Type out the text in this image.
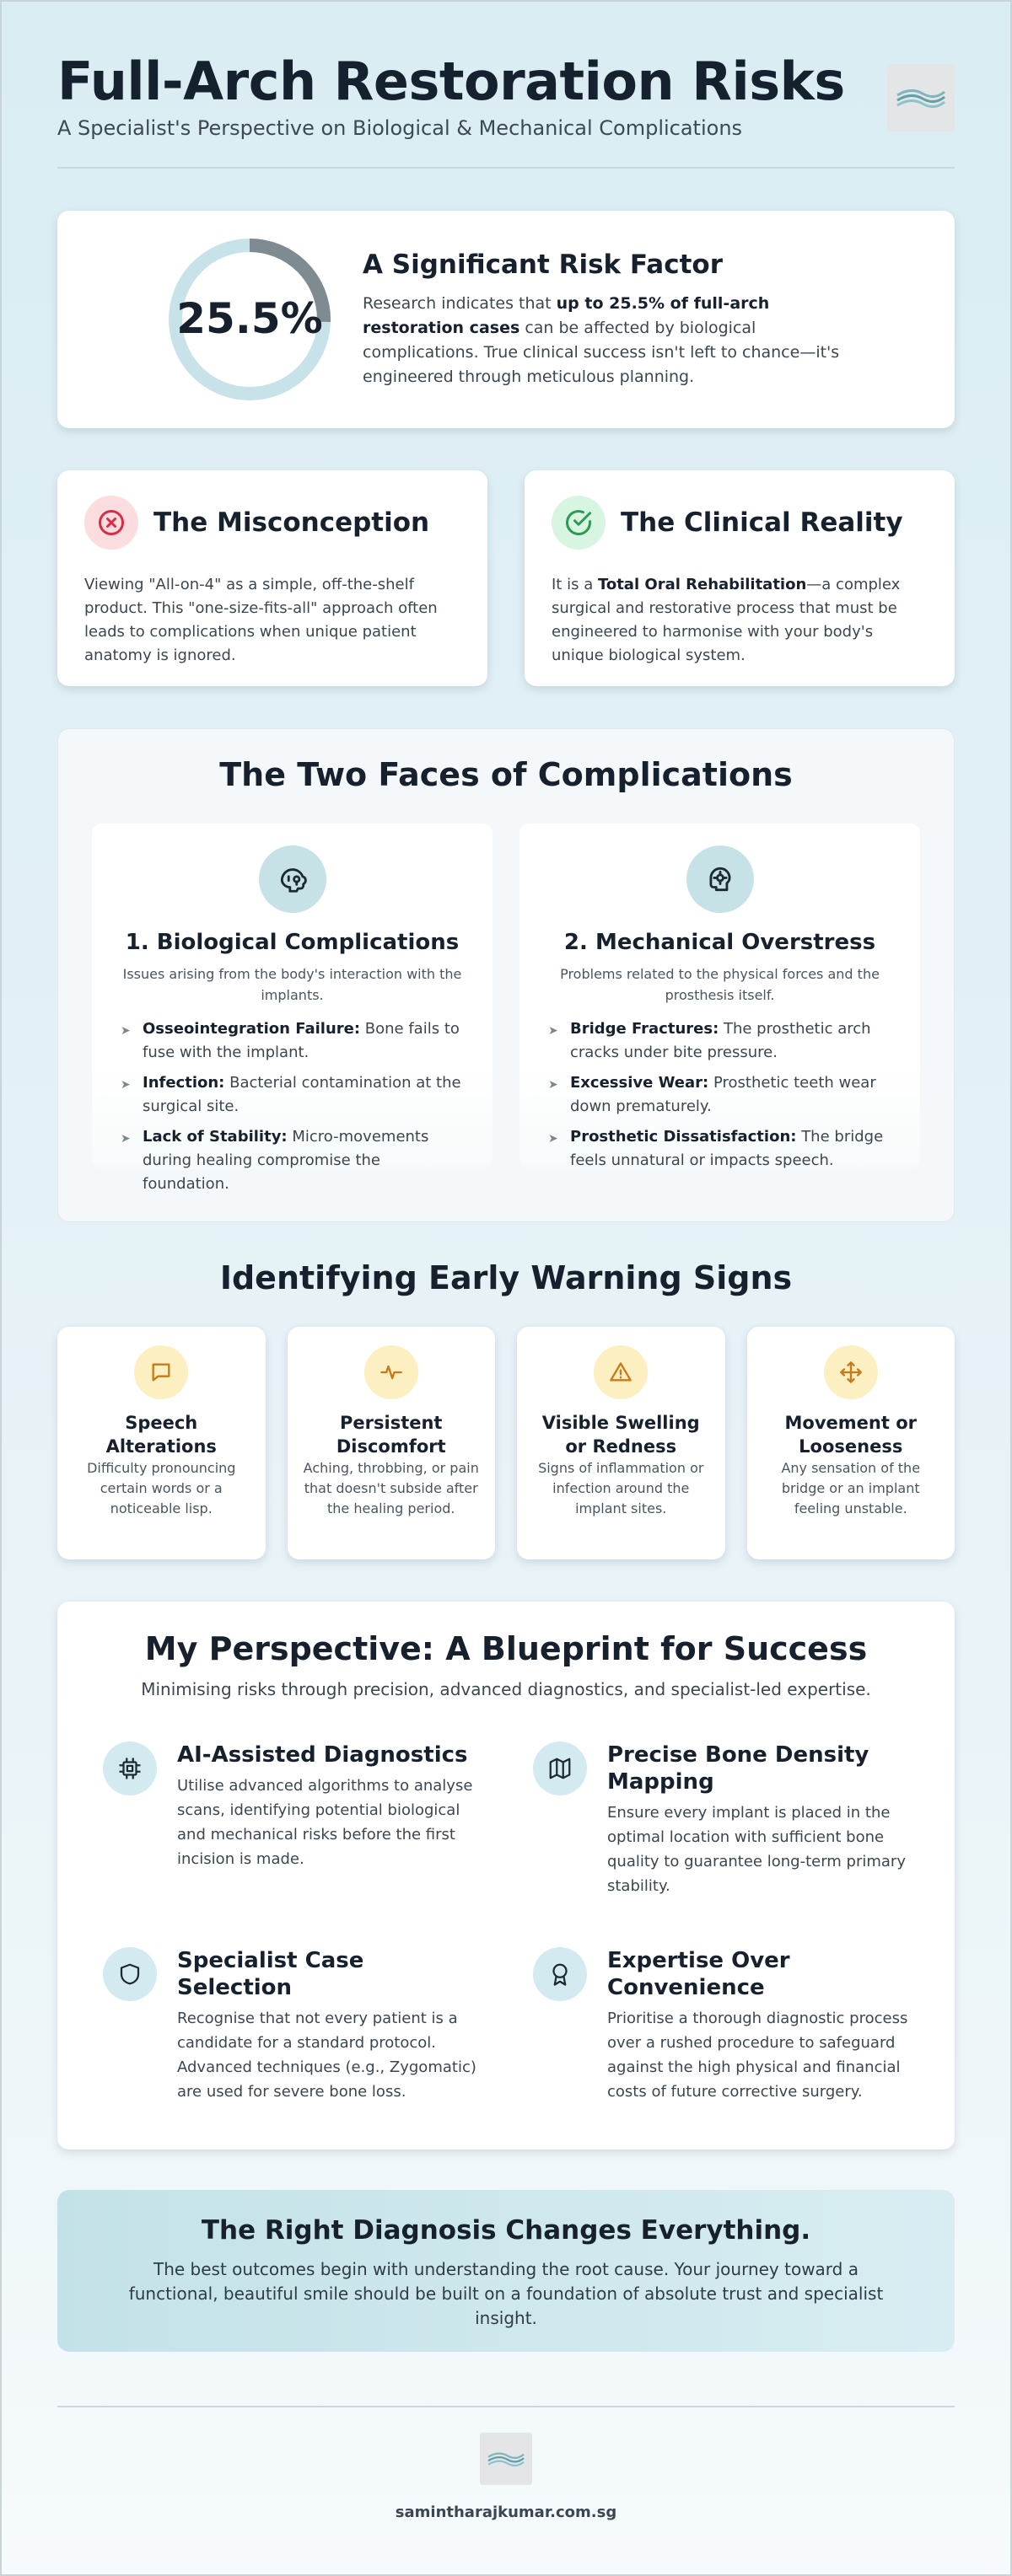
Full-Arch Restoration Risks
A Specialist's Perspective on Biological & Mechanical Complications
25.5%
A Significant Risk Factor

Research indicates that up to 25.5% of full-arch restoration cases can be affected by biological complications. True clinical success isn't left to chance—it's engineered through meticulous planning.

The Misconception

Viewing "All-on-4" as a simple, off-the-shelf product. This "one-size-fits-all" approach often leads to complications when unique patient anatomy is ignored.

The Clinical Reality

It is a Total Oral Rehabilitation—a complex surgical and restorative process that must be engineered to harmonise with your body's unique biological system.

The Two Faces of Complications
1. Biological Complications
Issues arising from the body's interaction with the implants.
➤ Osseointegration Failure: Bone fails to fuse with the implant.
➤ Infection: Bacterial contamination at the surgical site.
➤ Lack of Stability: Micro-movements during healing compromise the foundation.
2. Mechanical Overstress
Problems related to the physical forces and the prosthesis itself.
➤ Bridge Fractures: The prosthetic arch cracks under bite pressure.
➤ Excessive Wear: Prosthetic teeth wear down prematurely.
➤ Prosthetic Dissatisfaction: The bridge feels unnatural or impacts speech.
Identifying Early Warning Signs
Speech Alterations
Difficulty pronouncing certain words or a noticeable lisp.
Persistent Discomfort
Aching, throbbing, or pain that doesn't subside after the healing period.
Visible Swelling or Redness
Signs of inflammation or infection around the implant sites.
Movement or Looseness
Any sensation of the bridge or an implant feeling unstable.
My Perspective: A Blueprint for Success
Minimising risks through precision, advanced diagnostics, and specialist-led expertise.
AI-Assisted Diagnostics
Utilise advanced algorithms to analyse scans, identifying potential biological and mechanical risks before the first incision is made.
Precise Bone Density Mapping
Ensure every implant is placed in the optimal location with sufficient bone quality to guarantee long-term primary stability.
Specialist Case Selection
Recognise that not every patient is a candidate for a standard protocol. Advanced techniques (e.g., Zygomatic) are used for severe bone loss.
Expertise Over Convenience
Prioritise a thorough diagnostic process over a rushed procedure to safeguard against the high physical and financial costs of future corrective surgery.
The Right Diagnosis Changes Everything.
The best outcomes begin with understanding the root cause. Your journey toward a functional, beautiful smile should be built on a foundation of absolute trust and specialist insight.
samintharajkumar.com.sg
